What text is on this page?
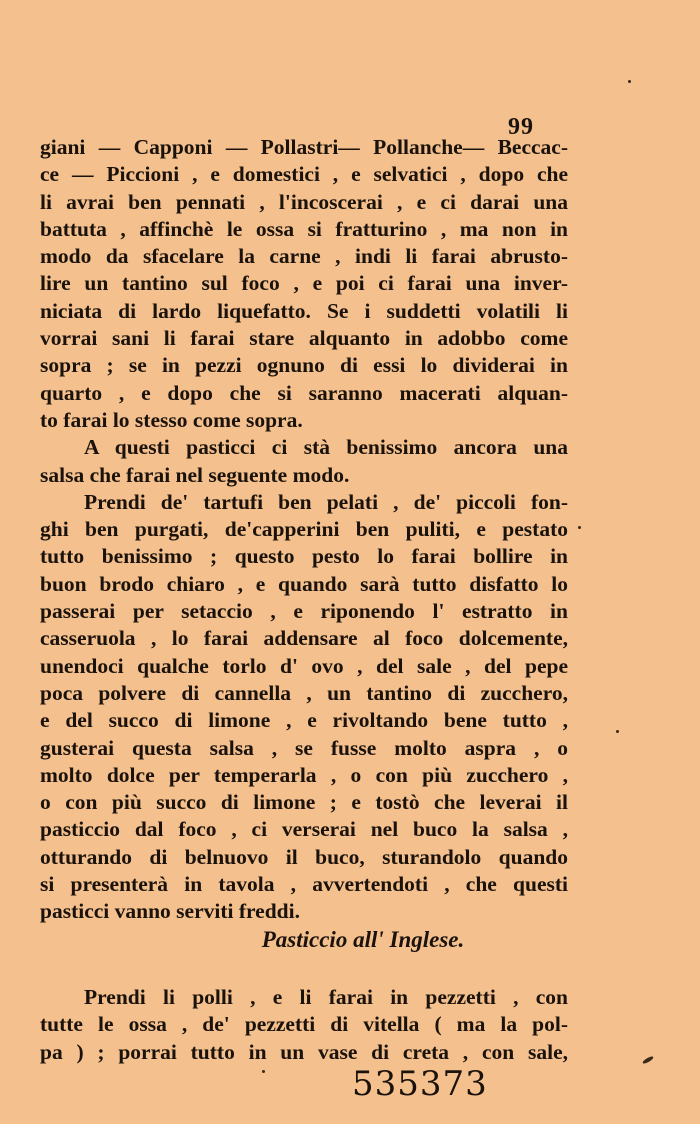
99
giani — Capponi — Pollastri— Pollanche— Beccac-
ce — Piccioni , e domestici , e selvatici , dopo che
li avrai ben pennati , l'incoscerai , e ci darai una
battuta , affinchè le ossa si fratturino , ma non in
modo da sfacelare la carne , indi li farai abrusto-
lire un tantino sul foco , e poi ci farai una inver-
niciata di lardo liquefatto. Se i suddetti volatili li
vorrai sani li farai stare alquanto in adobbo come
sopra ; se in pezzi ognuno di essi lo dividerai in
quarto , e dopo che si saranno macerati alquan-
to farai lo stesso come sopra.
A questi pasticci ci stà benissimo ancora una
salsa che farai nel seguente modo.
Prendi de' tartufi ben pelati , de' piccoli fon-
ghi ben purgati, de'capperini ben puliti, e pestato
tutto benissimo ; questo pesto lo farai bollire in
buon brodo chiaro , e quando sarà tutto disfatto lo
passerai per setaccio , e riponendo l' estratto in
casseruola , lo farai addensare al foco dolcemente,
unendoci qualche torlo d' ovo , del sale , del pepe
poca polvere di cannella , un tantino di zucchero,
e del succo di limone , e rivoltando bene tutto ,
gusterai questa salsa , se fusse molto aspra , o
molto dolce per temperarla , o con più zucchero ,
o con più succo di limone ; e tostò che leverai il
pasticcio dal foco , ci verserai nel buco la salsa ,
otturando di belnuovo il buco, sturandolo quando
si presenterà in tavola , avvertendoti , che questi
pasticci vanno serviti freddi.
Pasticcio all' Inglese.
Prendi li polli , e li farai in pezzetti , con
tutte le ossa , de' pezzetti di vitella ( ma la pol-
pa ) ; porrai tutto in un vase di creta , con sale,
535373
